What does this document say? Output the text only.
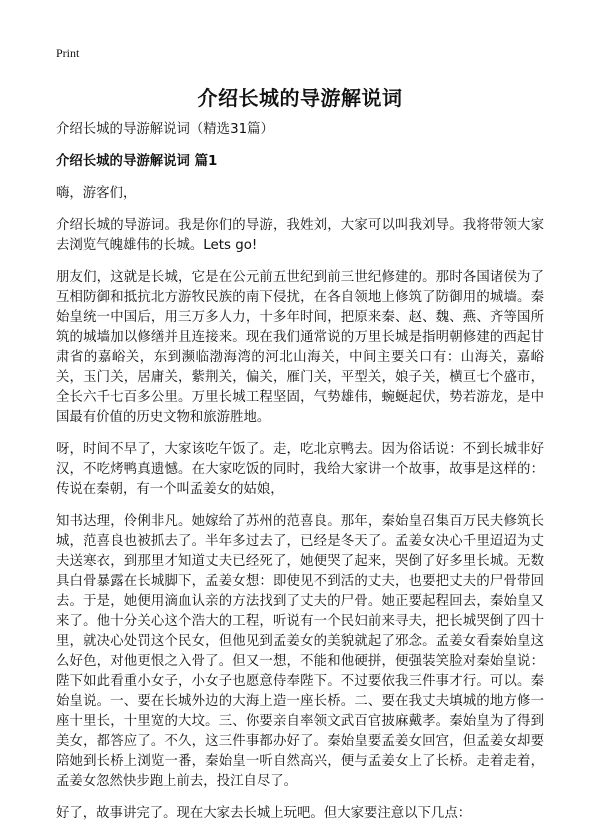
Print
介绍长城的导游解说词

介绍长城的导游解说词（精选31篇）

介绍长城的导游解说词 篇1

嗨，游客们，

介绍长城的导游词。我是你们的导游，我姓刘，大家可以叫我刘导。我将带领大家去浏览气魄雄伟的长城。Lets go!

朋友们，这就是长城，它是在公元前五世纪到前三世纪修建的。那时各国诸侯为了互相防御和抵抗北方游牧民族的南下侵扰，在各自领地上修筑了防御用的城墙。秦始皇统一中国后，用三万多人力，十多年时间，把原来秦、赵、魏、燕、齐等国所筑的城墙加以修缮并且连接来。现在我们通常说的万里长城是指明朝修建的西起甘肃省的嘉峪关，东到濒临渤海湾的河北山海关，中间主要关口有：山海关，嘉峪关，玉门关，居庸关，紫荆关，偏关，雁门关，平型关，娘子关，横亘七个盛市，全长六千七百多公里。万里长城工程坚固，气势雄伟，蜿蜒起伏，势若游龙，是中国最有价值的历史文物和旅游胜地。

呀，时间不早了，大家该吃午饭了。走，吃北京鸭去。因为俗话说：不到长城非好汉，不吃烤鸭真遗憾。在大家吃饭的同时，我给大家讲一个故事，故事是这样的：传说在秦朝，有一个叫孟姜女的姑娘，

知书达理，伶俐非凡。她嫁给了苏州的范喜良。那年，秦始皇召集百万民夫修筑长城，范喜良也被抓去了。半年多过去了，已经是冬天了。孟姜女决心千里迢迢为丈夫送寒衣，到那里才知道丈夫已经死了，她便哭了起来，哭倒了好多里长城。无数具白骨暴露在长城脚下，孟姜女想：即使见不到活的丈夫，也要把丈夫的尸骨带回去。于是，她便用滴血认亲的方法找到了丈夫的尸骨。她正要起程回去，秦始皇又来了。他十分关心这个浩大的工程，听说有一个民妇前来寻夫，把长城哭倒了四十里，就决心处罚这个民女，但他见到孟姜女的美貌就起了邪念。孟姜女看秦始皇这么好色，对他更恨之入骨了。但又一想，不能和他硬拼，便强装笑脸对秦始皇说：陛下如此看重小女子，小女子也愿意侍奉陛下。不过要依我三件事才行。可以。秦始皇说。一、要在长城外边的大海上造一座长桥。二、要在我丈夫填城的地方修一座十里长，十里宽的大坟。三、你要亲自率领文武百官披麻戴孝。秦始皇为了得到美女，都答应了。不久，这三件事都办好了。秦始皇要孟姜女回宫，但孟姜女却要陪她到长桥上浏览一番，秦始皇一听自然高兴，便与孟姜女上了长桥。走着走着，孟姜女忽然快步跑上前去，投江自尽了。

好了，故事讲完了。现在大家去长城上玩吧。但大家要注意以下几点：
